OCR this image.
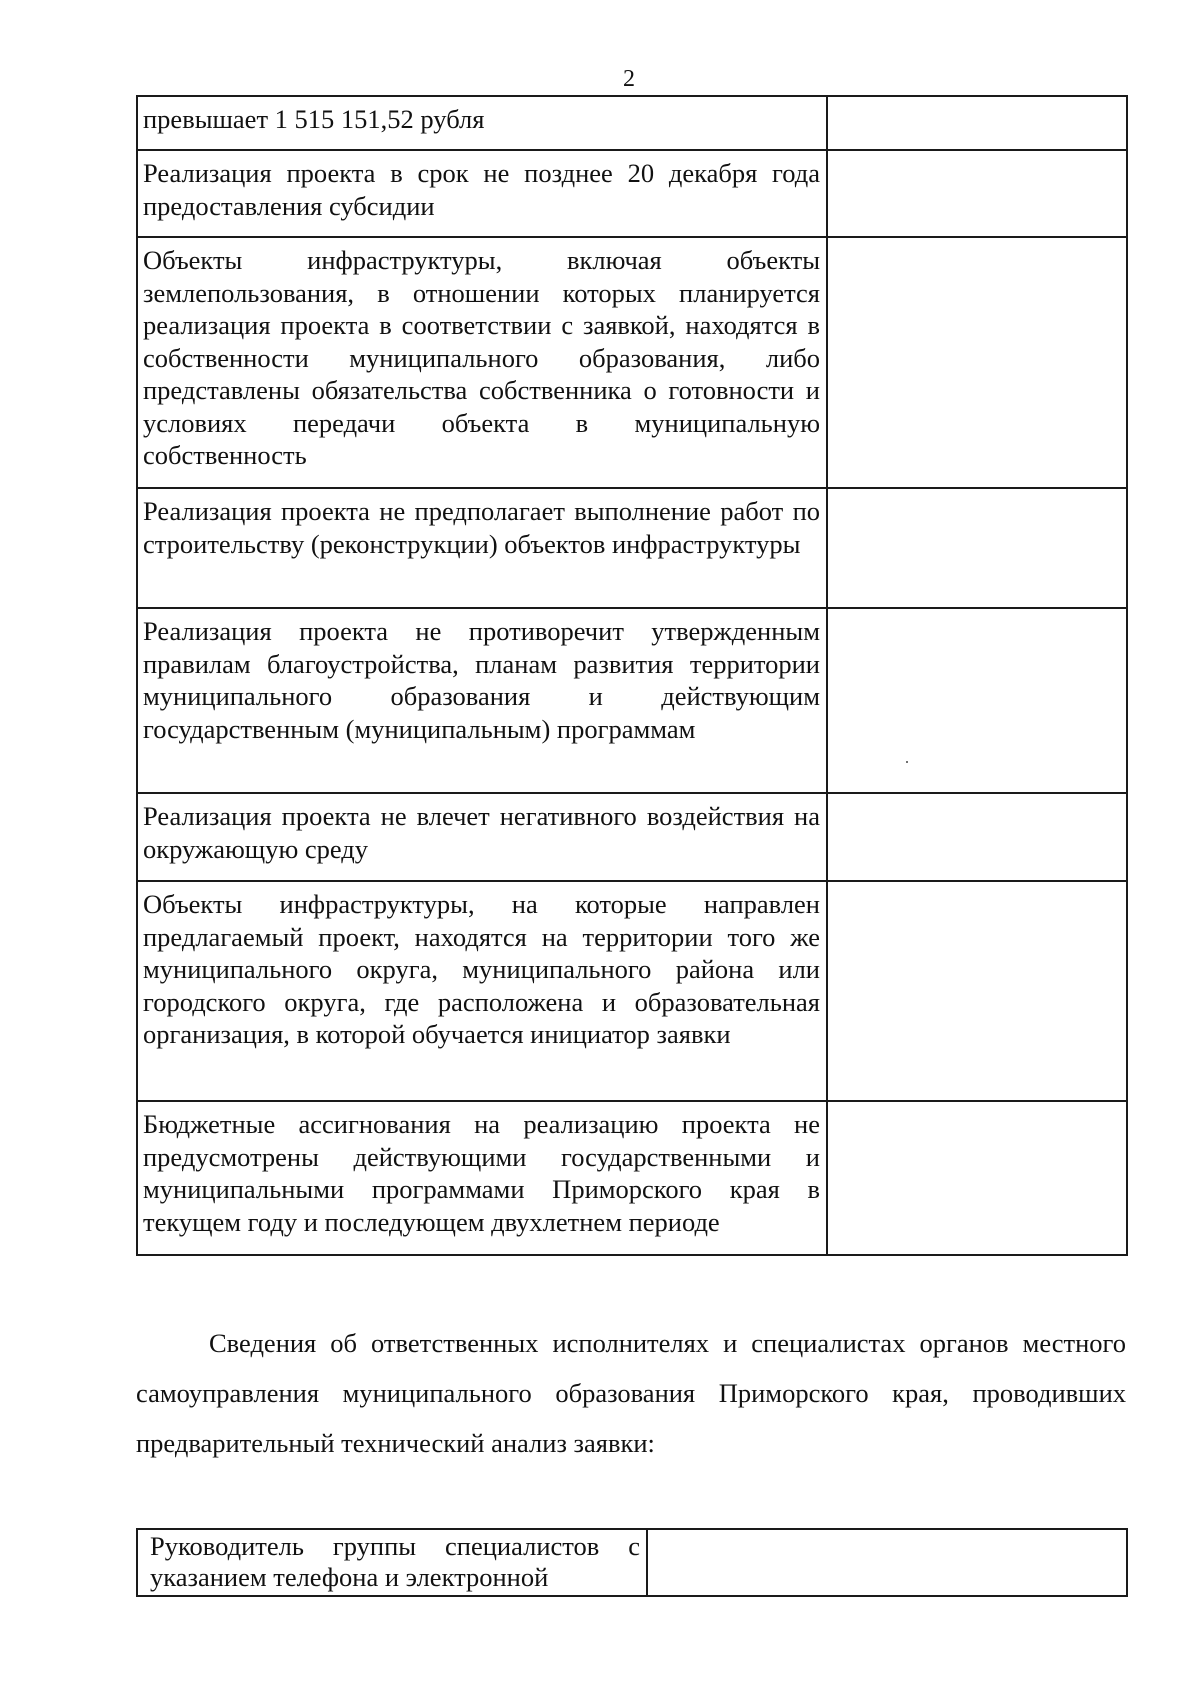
2
превышает 1 515 151,52 рубля	
Реализация проекта в срок не позднее 20 декабря года предоставления субсидии	
Объекты инфраструктуры, включая объекты землепользования, в отношении которых планируется реализация проекта в соответствии с заявкой, находятся в собственности муниципального образования, либо представлены обязательства собственника о готовности и условиях передачи объекта в муниципальную собственность	
Реализация проекта не предполагает выполнение работ по строительству (реконструкции) объектов инфраструктуры	
Реализация проекта не противоречит утвержденным правилам благоустройства, планам развития территории муниципального образования и действующим государственным (муниципальным) программам	
Реализация проекта не влечет негативного воздействия на окружающую среду	
Объекты инфраструктуры, на которые направлен предлагаемый проект, находятся на территории того же муниципального округа, муниципального района или городского округа, где расположена и образовательная организация, в которой обучается инициатор заявки	
Бюджетные ассигнования на реализацию проекта не предусмотрены действующими государственными и муниципальными программами Приморского края в текущем году и последующем двухлетнем периоде	

Сведения об ответственных исполнителях и специалистах органов местного самоуправления муниципального образования Приморского края, проводивших предварительный технический анализ заявки:

Руководитель группы специалистов с указанием телефона и электронной
